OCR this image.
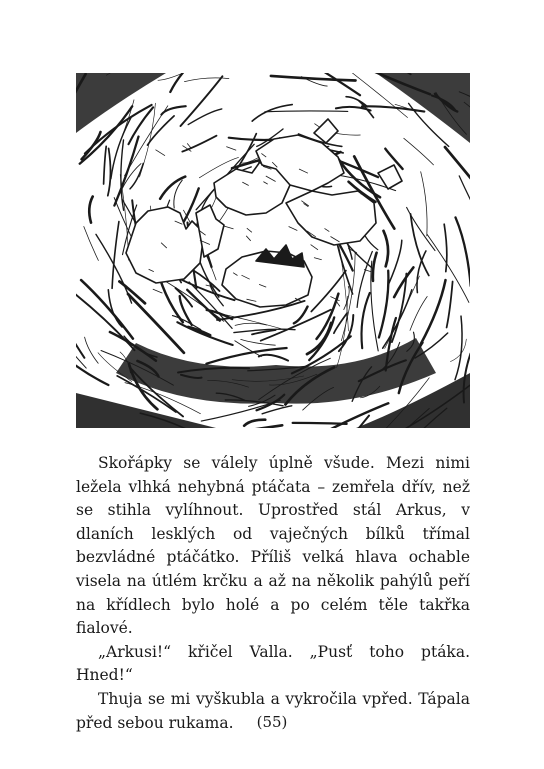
Skořápky se válely úplně všude. Mezi nimi ležela vlhká nehybná ptáčata – zemřela dřív, než se stihla vylíhnout. Uprostřed stál Arkus, v dlaních lesklých od vaječných bílků třímal bezvládné ptáčátko. Příliš velká hlava ochable visela na útlém krčku a až na několik pahýlů peří na křídlech bylo holé a po celém těle takřka fialové.

„Arkusi!“ křičel Valla. „Pusť toho ptáka. Hned!“

Thuja se mi vyškubla a vykročila vpřed. Tápala před sebou rukama.	(55)
